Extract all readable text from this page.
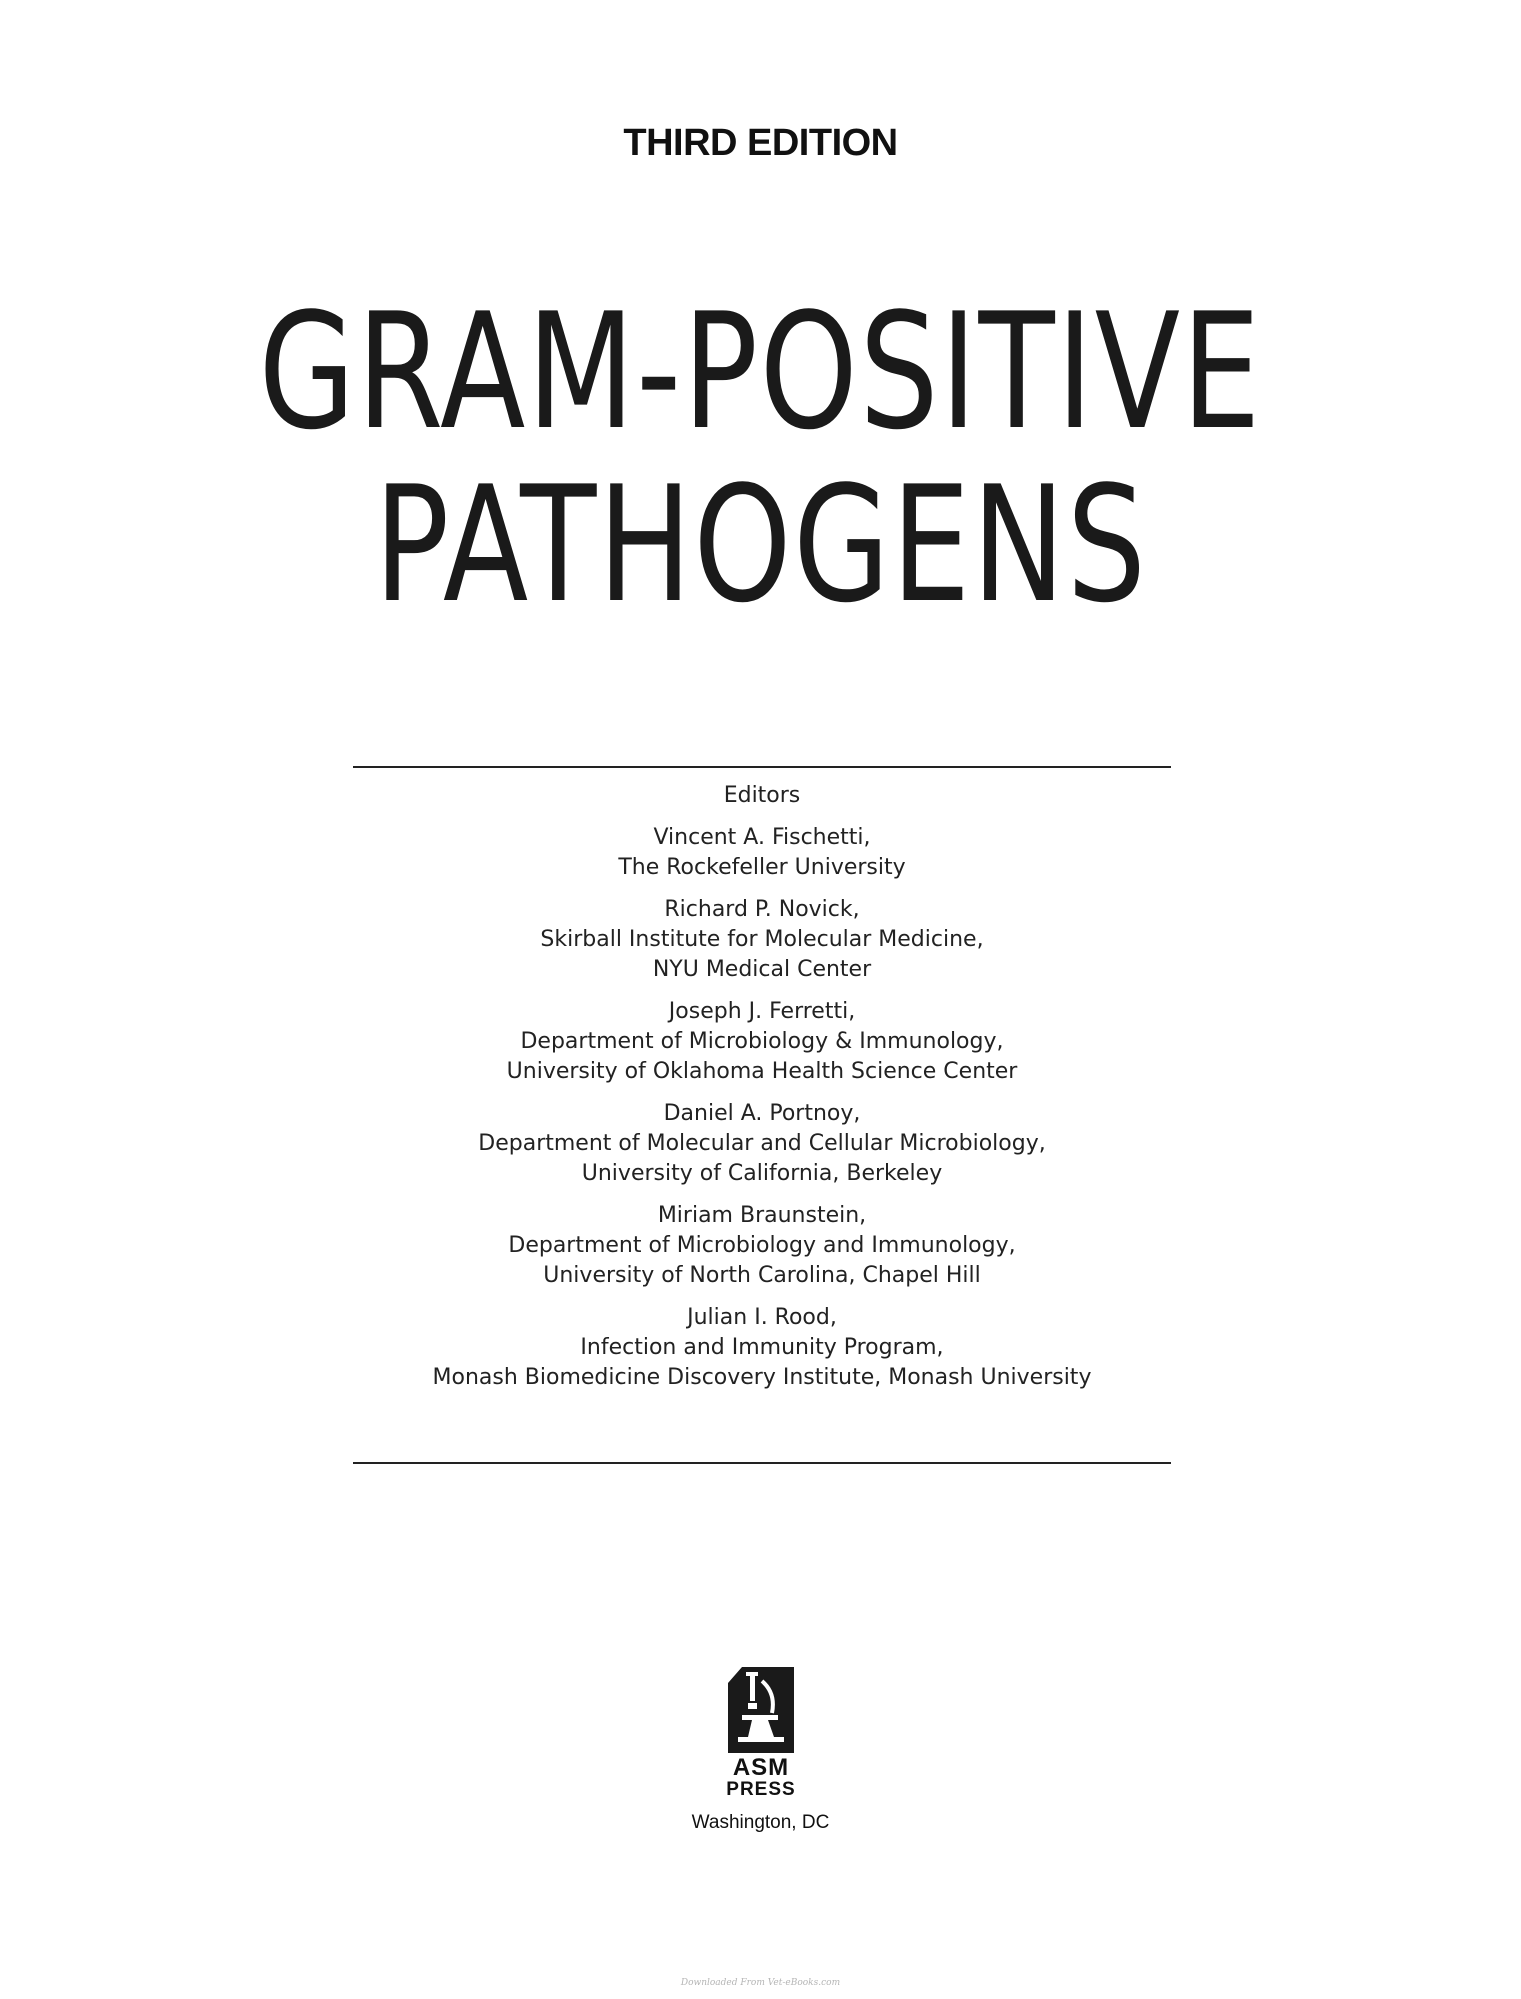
THIRD EDITION
GRAM-POSITIVE
PATHOGENS
Editors
Vincent A. Fischetti,
The Rockefeller University
Richard P. Novick,
Skirball Institute for Molecular Medicine,
NYU Medical Center
Joseph J. Ferretti,
Department of Microbiology & Immunology,
University of Oklahoma Health Science Center
Daniel A. Portnoy,
Department of Molecular and Cellular Microbiology,
University of California, Berkeley
Miriam Braunstein,
Department of Microbiology and Immunology,
University of North Carolina, Chapel Hill
Julian I. Rood,
Infection and Immunity Program,
Monash Biomedicine Discovery Institute, Monash University
ASM
PRESS
Washington, DC
Downloaded From Vet-eBooks.com
